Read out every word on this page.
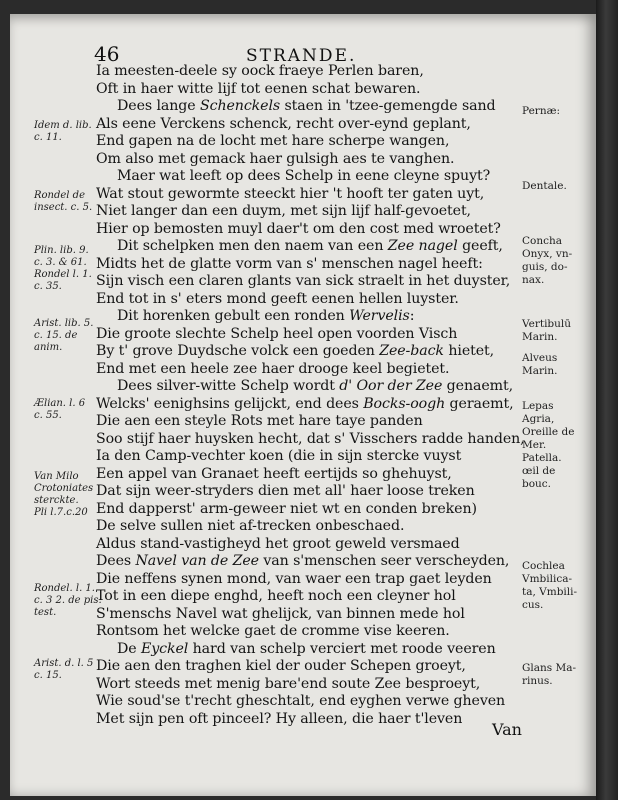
46	STRANDE.
Ia meesten-deele sy oock fraeye Perlen baren,
Oft in haer witte lijf tot eenen schat bewaren.
Dees lange Schenckels staen in 'tzee-gemengde sand
Als eene Verckens schenck, recht over-eynd geplant,
End gapen na de locht met hare scherpe wangen,
Om also met gemack haer gulsigh aes te vanghen.
Maer wat leeft op dees Schelp in eene cleyne spuyt?
Wat stout gewormte steeckt hier 't hooft ter gaten uyt,
Niet langer dan een duym, met sijn lijf half-gevoetet,
Hier op bemosten muyl daer't om den cost med wroetet?
Dit schelpken men den naem van een Zee nagel geeft,
Midts het de glatte vorm van s' menschen nagel heeft:
Sijn visch een claren glants van sick straelt in het duyster,
End tot in s' eters mond geeft eenen hellen luyster.
Dit horenken gebult een ronden Wervelis:
Die groote slechte Schelp heel open voorden Visch
By t' grove Duydsche volck een goeden Zee-back hietet,
End met een heele zee haer drooge keel begietet.
Dees silver-witte Schelp wordt d' Oor der Zee genaemt,
Welcks' eenighsins gelijckt, end dees Bocks-oogh geraemt,
Die aen een steyle Rots met hare taye panden
Soo stijf haer huysken hecht, dat s' Visschers radde handen,
Ia den Camp-vechter koen (die in sijn stercke vuyst
Een appel van Granaet heeft eertijds so ghehuyst,
Dat sijn weer-stryders dien met all' haer loose treken
End dapperst' arm-geweer niet wt en conden breken)
De selve sullen niet af-trecken onbeschaed.
Aldus stand-vastigheyd het groot geweld versmaed
Dees Navel van de Zee van s'menschen seer verscheyden,
Die neffens synen mond, van waer een trap gaet leyden
Tot in een diepe enghd, heeft noch een cleyner hol
S'menschs Navel wat ghelijck, van binnen mede hol
Rontsom het welcke gaet de cromme vise keeren.
De Eyckel hard van schelp verciert met roode veeren
Die aen den traghen kiel der ouder Schepen groeyt,
Wort steeds met menig bare'end soute Zee besproeyt,
Wie soud'se t'recht gheschtalt, end eyghen verwe gheven
Met sijn pen oft pinceel? Hy alleen, die haer t'leven
Idem d. lib.
c. 11.
Rondel de
insect. c. 5.
Plin. lib. 9.
c. 3. & 61.
Rondel l. 1.
c. 35.
Arist. lib. 5.
c. 15. de
anim.
Ælian. l. 6
c. 55.
Van Milo
Crotoniates
sterckte.
Pli l.7.c.20
Rondel. l. 1.
c. 3 2. de pis.
test.
Arist. d. l. 5
c. 15.
Pernæ:
Dentale.
Concha
Onyx, vn-
guis, do-
nax.
Vertibulū
Marin.
Alveus
Marin.
Lepas
Agria,
Oreille de
Mer.
Patella.
œil de
bouc.
Cochlea
Vmbilica-
ta, Vmbili-
cus.
Glans Ma-
rinus.
Van
